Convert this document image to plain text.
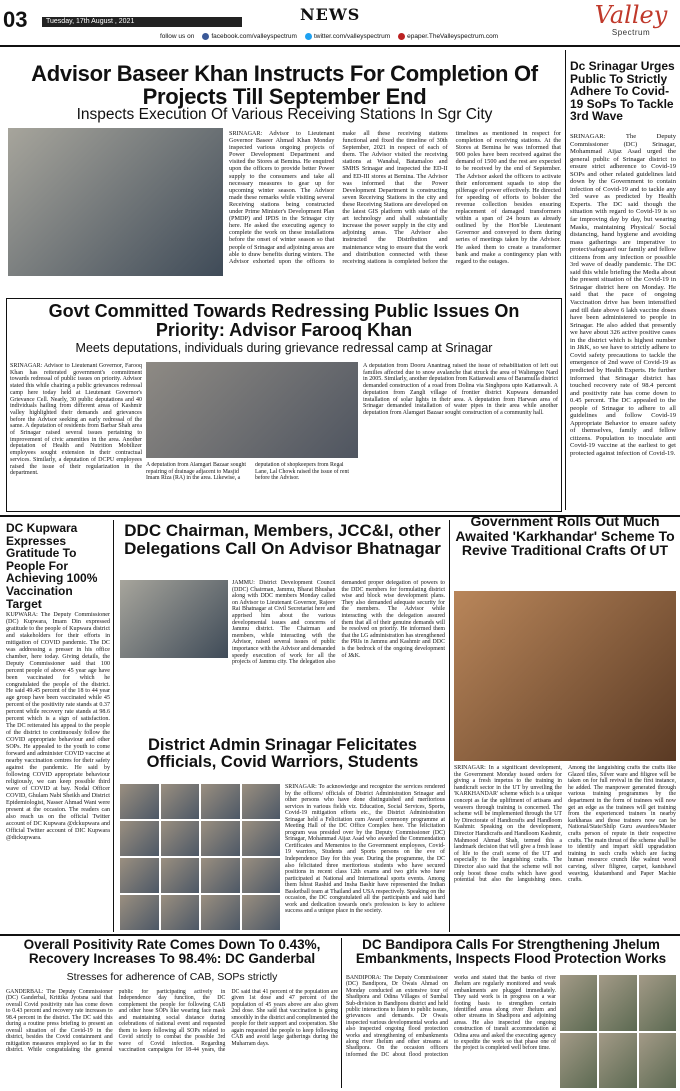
03	Tuesday, 17th August , 2021	NEWS
follow us on	facebook.com/valleyspectrum	twitter.com/valleyspectrum	epaper.TheValleyspectrum.com
Valley
Spectrum
Advisor Baseer Khan Instructs For Completion Of Projects Till September End
Inspects Execution Of Various Receiving Stations In Sgr City
SRINAGAR: Advisor to Lieutenant Governor Baseer Ahmad Khan Monday inspected various ongoing projects of Power Development Department and visited the Stores at Bemina. He enquired upon the officers to provide better Power supply to the consumers and take all necessary measures to gear up for upcoming winter season. The Advisor made these remarks while visiting several Receiving stations being constructed under Prime Minister's Development Plan (PMDP) and IPDS in the Srinagar city here. He asked the executing agency to complete the work on these installations before the onset of winter season so that people of Srinagar and adjoining areas are able to draw benefits during winters. The Advisor exhorted upon the officers to make all these receiving stations functional and fixed the timeline of 30th September, 2021 in respect of each of them. The Advisor visited the receiving stations at Wanabal, Batamaloo and SMHS Srinagar and inspected the ED-II and ED-III stores at Bemina. The Advisor was informed that the Power Development Department is constructing seven Receiving Stations in the city and these Receiving Stations are developed on the latest GIS platform with state of the art technology and shall substantially increase the power supply in the city and adjoining areas. The Advisor also instructed the Distribution and maintenance wing to ensure that the work and distribution connected with these receiving stations is completed before the timelines as mentioned in respect for completion of receiving stations. At the Stores at Bemina he was informed that 900 poles have been received against the demand of 1500 and the rest are expected to be received by the end of September. The Advisor asked the officers to activate their enforcement squads to stop the pilferage of power effectively. He directed for speeding of efforts to bolster the revenue collection besides ensuring replacement of damaged transformers within a span of 24 hours as already outlined by the Hon'ble Lieutenant Governor and conveyed to them during series of meetings taken by the Advisor. He asked them to create a transformer bank and make a contingency plan with regard to the outages.
Dc Srinagar Urges Public To Strictly Adhere To Covid-19 SoPs To Tackle 3rd Wave
SRINAGAR: The Deputy Commissioner (DC) Srinagar, Mohammad Aijaz Asad urged the general public of Srinagar district to ensure strict adherence to Covid-19 SOPs and other related guidelines laid down by the Government to contain infection of Covid-19 and to tackle any 3rd wave as predicted by Health Experts. The DC said though the situation with regard to Covid-19 is so far improving day by day, but wearing Masks, maintaining Physical/ Social distancing, hand hygiene and avoiding mass gatherings are imperative to protect/safeguard our family and fellow citizens from any infection or possible 3rd wave of deadly pandemic. The DC said this while briefing the Media about the present situation of the Covid-19 in Srinagar district here on Monday. He said that the pace of ongoing Vaccination drive has been intensified and till date above 6 lakh vaccine doses have been administered to people in Srinagar. He also added that presently we have about 326 active positive cases in the district which is highest number in J&K, so we have to strictly adhere to Covid safety precautions to tackle the emergence of 2nd wave of Covid-19 as predicted by Health Experts. He further informed that Srinagar district has touched recovery rate of 98.4 percent and positivity rate has come down to 0.45 percent. The DC appealed to the people of Srinagar to adhere to all guidelines and follow Covid-19 Appropriate Behavior to ensure safety of themselves, family and fellow citizens. Population to inoculate anti Covid-19 vaccine at the earliest to get protected against infection of Covid-19.
Govt Committed Towards Redressing Public Issues On Priority: Advisor Farooq Khan
Meets deputations, individuals during grievance redressal camp at Srinagar
SRINAGAR: Advisor to Lieutenant Governor, Farooq Khan has reiterated government's commitment towards redressal of public issues on priority. Advisor stated this while chairing a public grievances redressal camp here today held at Lieutenant Governor's Grievance Cell. Nearly, 30 public deputations and 40 individuals hailing from different areas of Kashmir valley highlighted their demands and grievances before the Advisor seeking an early redressal of the same. A deputation of residents from Barbar Shah area of Srinagar raised several issues pertaining to improvement of civic amenities in the area. Another deputation of Health and Nutrition Mobilizer employees sought extension in their contractual services. Similarly, a deputation of DCPU employees raised the issue of their regularization in the department.
A deputation from Alamgari Bazaar sought repairing of drainage adjacent to Masjid Imam Riza (RA) in the area. Likewise, a deputation of shopkeepers from Regal Lane, Lal Chowk raised the issue of rent before the Advisor.
A deputation from Dooru Anantnag raised the issue of rehabilitation of left out families affected due to snow avalanche that struck the area of Waltengoo Nard in 2005. Similarly, another deputation from Katianwali area of Baramulla district demanded construction of a road from Dolina via Singhpora upto Katianwali. A deputation from Zangli village of frontier district Kupwara demanded installation of solar lights in their area. A deputation from Harwan area of Srinagar demanded installation of water pipes in their area while another deputation from Alamgari Bazaar sought construction of a community hall.
DC Kupwara Expresses Gratitude To People For Achieving 100% Vaccination Target
KUPWARA: The Deputy Commissioner (DC) Kupwara, Imam Din expressed gratitude to the people of Kupwara district and stakeholders for their efforts in mitigation of COVID pandemic. The DC was addressing a presser in his office chamber, here today. Giving details, the Deputy Commissioner said that 100 percent people of above 45 year age have been vaccinated for which he congratulated the people of the district. He said 49.45 percent of the 18 to 44 year age group have been vaccinated while 45 percent of the positivity rate stands at 0.37 percent while recovery rate stands at 98.6 percent which is a sign of satisfaction. The DC reiterated his appeal to the people of the district to continuously follow the COVID appropriate behaviour and other SOPs. He appealed to the youth to come forward and administer COVID vaccine at nearby vaccination centres for their safety against the pandemic. He said by following COVID appropriate behaviour religiously, we can keep possible third wave of COVID at bay. Nodal Officer COVID, Ghulam Nabi Sheikh and District Epidemiologist, Nasser Ahmad Wani were present at the occasion. The readers can also reach us on the official Twitter account of DC Kupwara @dckupwara and Official Twitter account of DIC Kupwara @dickupwara.
DDC Chairman, Members, JCC&I, other Delegations Call On Advisor Bhatnagar
JAMMU: District Development Council (DDC) Chairman, Jammu, Bharat Bhushan along with DDC members Monday called on Advisor to Lieutenant Governor, Rajeev Rai Bhatnagar at Civil Secretariat here and apprised him about the various developmental issues and concerns of Jammu district. The Chairman and members, while interacting with the Advisor, raised several issues of public importance with the Advisor and demanded speedy execution of work for all the projects of Jammu city. The delegation also demanded proper delegation of powers to the DDC members for formulating district wise and block wise development plans. They also demanded adequate security for the members. The Advisor while interacting with the delegation assured them that all of their genuine demands will be resolved on priority. He informed them that the LG administration has strengthened the PRIs in Jammu and Kashmir and DDC is the bedrock of the ongoing development of J&K.
Government Rolls Out Much Awaited 'Karkhandar' Scheme To Revive Traditional Crafts Of UT
SRINAGAR: In a significant development, the Government Monday issued orders for giving a fresh impetus to the training in handicraft sector in the UT by unveiling the 'KARKHANDAR' scheme which is a unique concept as far the upliftment of artisans and weavers through training is concerned. The scheme will be implemented through the UT by Directorate of Handicrafts and Handloom Kashmir. Speaking on the development, Director Handicrafts and Handloom Kashmir, Mahmood Ahmad Shah, termed this a landmark decision that will give a fresh lease of life to the craft scene of the UT and especially to the languishing crafts. The Director also said that the scheme will not only boost those crafts which have good potential but also the languishing ones. Among the languishing crafts the crafts like Glazed tiles, Silver ware and filigree will be taken on for full revival in the first instance, he added. The manpower generated through various training programmes by the department in the form of trainees will now get an edge as the trainees will get training from the experienced trainers in nearby karkhanas and those trainers now can be National/State/Shilp Guru awardees/Master crafts person of repute in their respective crafts. The main thrust of the scheme shall be to identify and impart skill upgradation training in such crafts which are facing human resource crunch like walnut wood carving, silver filigree, carpet, kanishawl weaving, khatamband and Paper Machie crafts.
District Admin Srinagar Felicitates Officials, Covid Warriors, Students
SRINAGAR: To acknowledge and recognize the services rendered by the officers/ officials of District Administration Srinagar and other persons who have done distinguished and meritorious services in various fields viz. Education, Social Services, Sports, Covid-19 mitigation efforts etc., the District Administration Srinagar held a Felicitation cum Award ceremony programme at Meeting Hall of the DC Office Complex here. The felicitation program was presided over by the Deputy Commissioner (DC) Srinagar, Mohammad Aijaz Asad who awarded the Commendation Certificates and Mementos to the Government employees, Covid-19 warriors, Students and Sports persons on the eve of Independence Day for this year. During the programme, the DC also felicitated three meritorious students who have secured positions in recent class 12th exams and two girls who have participated at National and International sports events. Among them Ishrat Rashid and Insha Bashir have represented the Indian Basketball team at Thailand and USA respectively. Speaking on the occasion, the DC congratulated all the participants and said hard work and dedication towards one's profession is key to achieve success and a unique place in the society.
Overall Positivity Rate Comes Down To 0.43%, Recovery Increases To 98.4%: DC Ganderbal
Stresses for adherence of CAB, SOPs strictly
GANDERBAL: The Deputy Commissioner (DC) Ganderbal, Krittika Jyotsna said that overall Covid positivity rate has come down to 0.43 percent and recovery rate increases to 98.4 percent in the district. The DC said this during a routine press briefing to present an overall situation of the Covid-19 in the district, besides the Covid containment and mitigation measures employed so far in the district. While congratulating the general public for participating actively in Independence day function, the DC complement the people for following CAB and other hose SOPs like wearing face mask and maintaining social distance during celebrations of national event and requested them to keep following all SOPs related to Covid strictly to combat the possible 3rd wave of Covid infection. Regarding vaccination campaigns for 18-44 years, the DC said that 41 percent of the population are given 1st dose and 47 percent of the population of 45 years above are also given 2nd dose. She said that vaccination is going smoothly in the district and complimented the people for their support and cooperation. She again requested the people to keep following CAB and avoid large gatherings during the Muharram days.
DC Bandipora Calls For Strengthening Jhelum Embankments, Inspects Flood Protection Works
BANDIPORA: The Deputy Commissioner (DC) Bandipora, Dr Owais Ahmad on Monday conducted an extensive tour of Shadipora and Odina Villages of Sumbal Sub-division in Bandipora district and held public interactions to listen to public issues, grievances and demands. Dr Owais inspected various developmental works and also inspected ongoing flood protection works and strengthening of embankments along river Jhelum and other streams at Shadipora. On the occasion officers informed the DC about flood protection works and stated that the banks of river Jhelum are regularly monitored and weak embankments are plugged immediately. They said work is in progress on a war footing basis to strengthen certain identified areas along river Jhelum and other streams in Shadipora and adjoining areas. He also inspected the ongoing construction of transit accommodation at Odina area and asked the executing agency to expedite the work so that phase one of the project is completed well before time.
